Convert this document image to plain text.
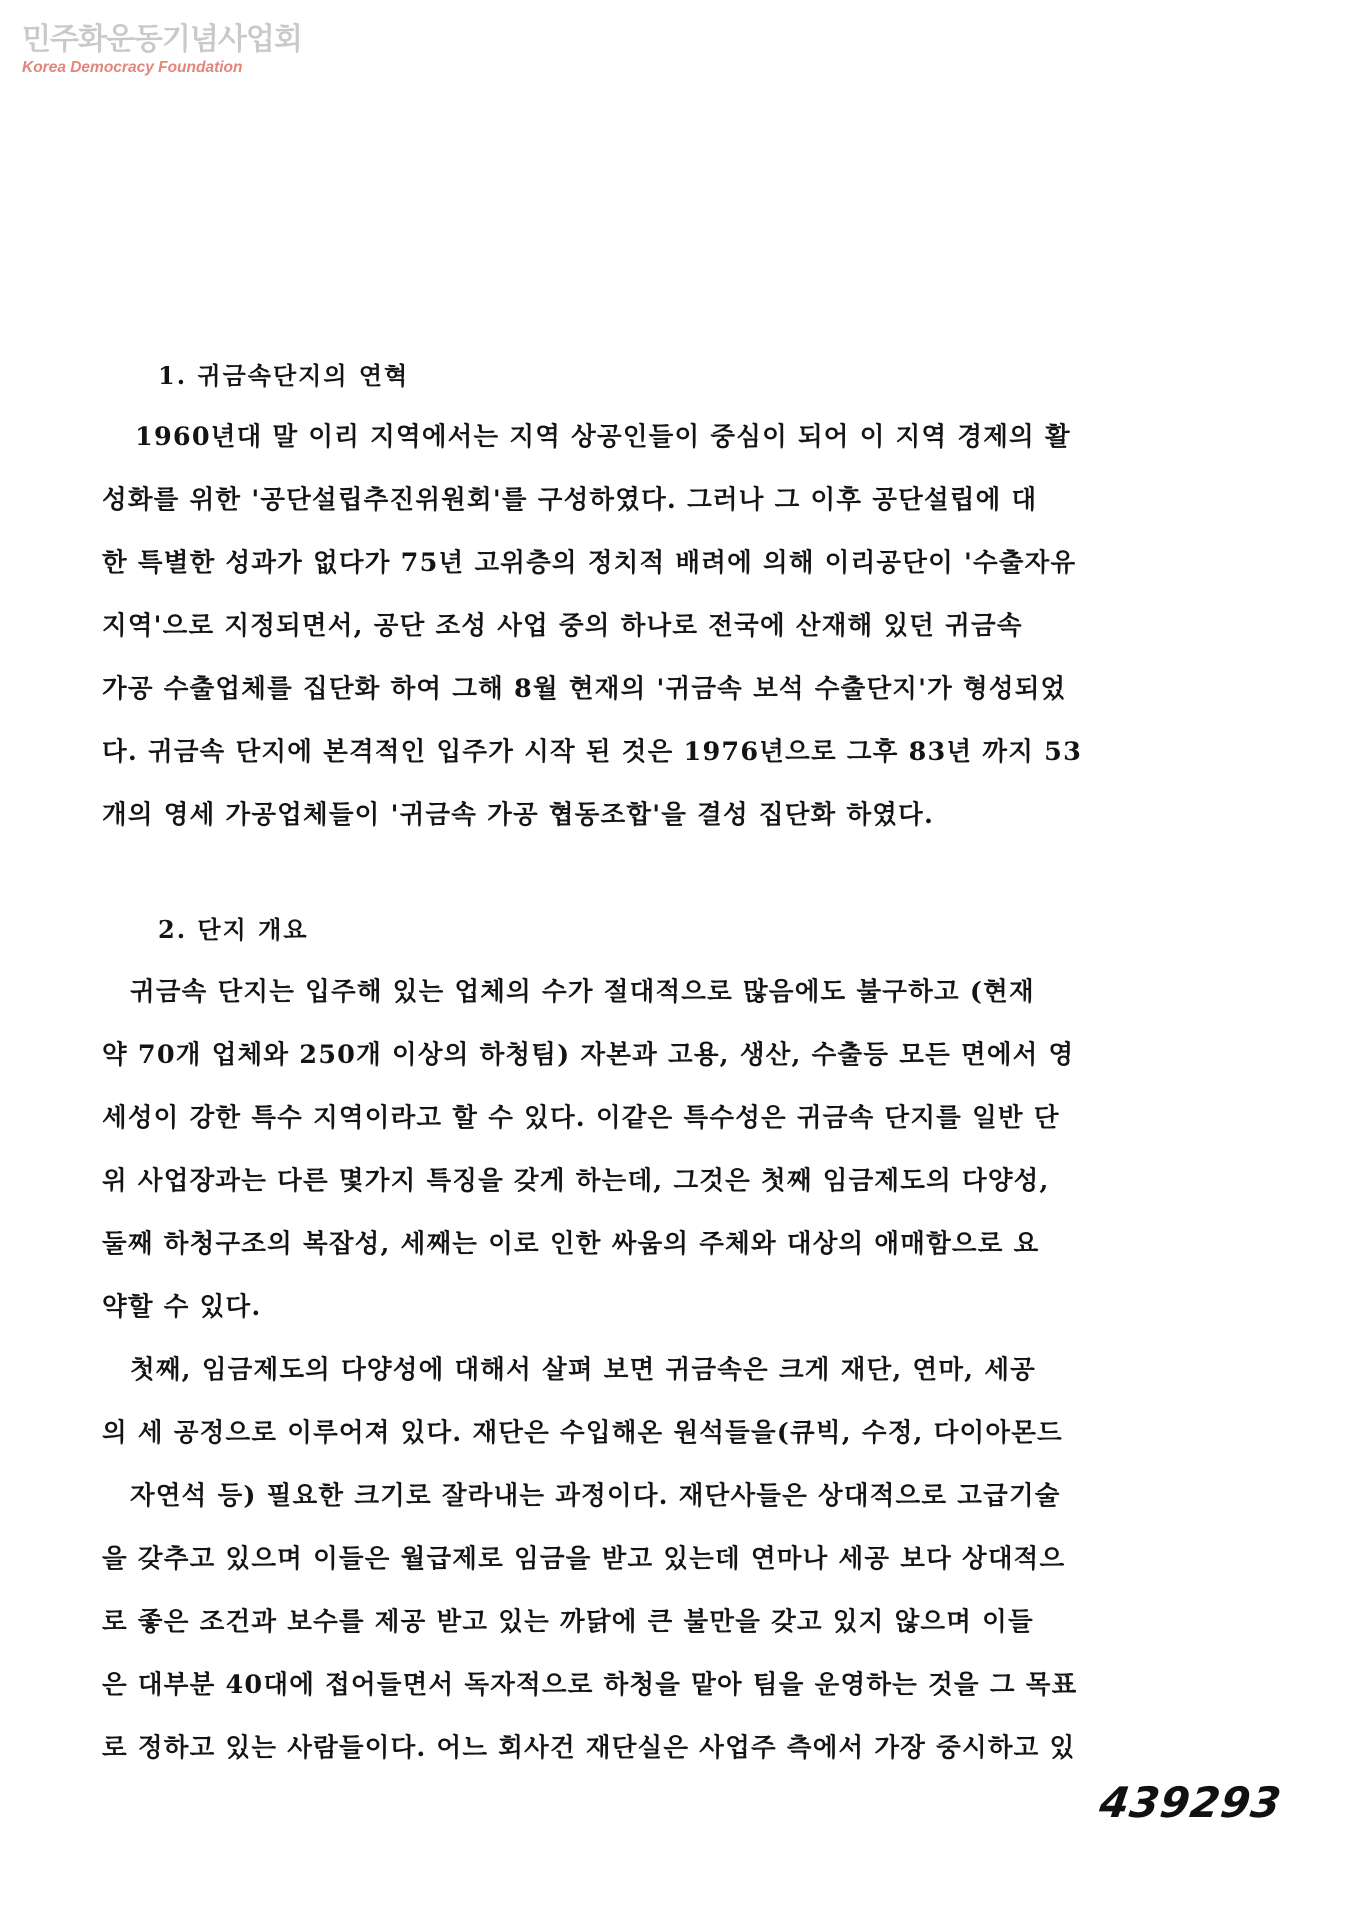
민주화운동기념사업회
Korea Democracy Foundation
1. 귀금속단지의 연혁
1960년대 말 이리 지역에서는 지역 상공인들이 중심이 되어 이 지역 경제의 활
성화를 위한 '공단설립추진위원회'를 구성하였다. 그러나 그 이후 공단설립에 대
한 특별한 성과가 없다가 75년 고위층의 정치적 배려에 의해 이리공단이 '수출자유
지역'으로 지정되면서, 공단 조성 사업 중의 하나로 전국에 산재해 있던 귀금속
가공 수출업체를 집단화 하여 그해 8월 현재의 '귀금속 보석 수출단지'가 형성되었
다. 귀금속 단지에 본격적인 입주가 시작 된 것은 1976년으로 그후 83년 까지 53
개의 영세 가공업체들이 '귀금속 가공 협동조합'을 결성 집단화 하였다.
2. 단지 개요
귀금속 단지는 입주해 있는 업체의 수가 절대적으로 많음에도 불구하고 (현재
약 70개 업체와 250개 이상의 하청팀) 자본과 고용, 생산, 수출등 모든 면에서 영
세성이 강한 특수 지역이라고 할 수 있다. 이같은 특수성은 귀금속 단지를 일반 단
위 사업장과는 다른 몇가지 특징을 갖게 하는데, 그것은 첫째 임금제도의 다양성,
둘째 하청구조의 복잡성, 세째는 이로 인한 싸움의 주체와 대상의 애매함으로 요
약할 수 있다.
첫째, 임금제도의 다양성에 대해서 살펴 보면 귀금속은 크게 재단, 연마, 세공
의 세 공정으로 이루어져 있다. 재단은 수입해온 원석들을(큐빅, 수정, 다이아몬드
자연석 등) 필요한 크기로 잘라내는 과정이다. 재단사들은 상대적으로 고급기술
을 갖추고 있으며 이들은 월급제로 임금을 받고 있는데 연마나 세공 보다 상대적으
로 좋은 조건과 보수를 제공 받고 있는 까닭에 큰 불만을 갖고 있지 않으며 이들
은 대부분 40대에 접어들면서 독자적으로 하청을 맡아 팀을 운영하는 것을 그 목표
로 정하고 있는 사람들이다. 어느 회사건 재단실은 사업주 측에서 가장 중시하고 있
439293
